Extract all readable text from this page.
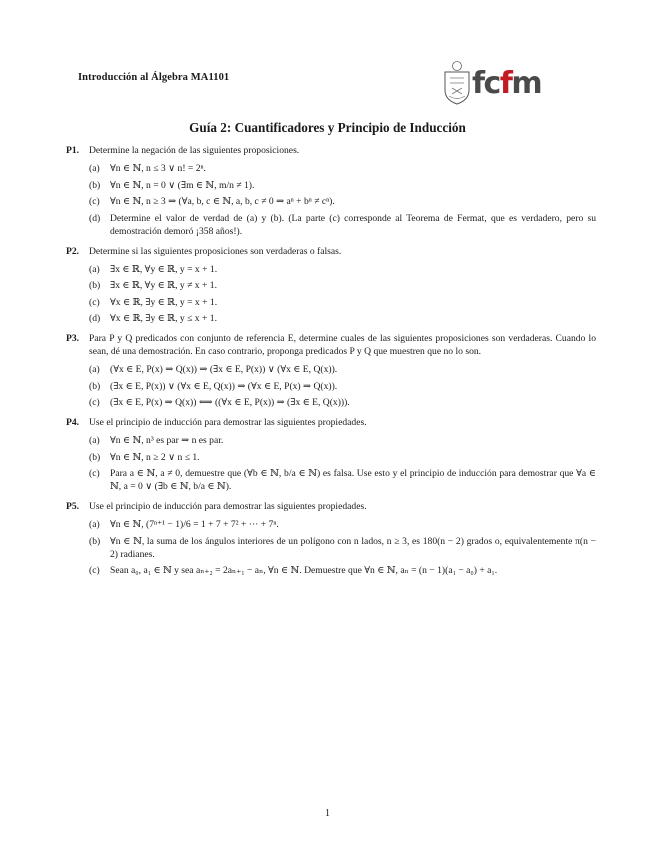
Introducción al Álgebra MA1101	fcfm
Guía 2: Cuantificadores y Principio de Inducción
P1. Determine la negación de las siguientes proposiciones.
(a) ∀n ∈ ℕ, n ≤ 3 ∨ n! = 2ⁿ.
(b) ∀n ∈ ℕ, n = 0 ∨ (∃m ∈ ℕ, m/n ≠ 1).
(c) ∀n ∈ ℕ, n ≥ 3 ⇒ (∀a, b, c ∈ ℕ, a, b, c ≠ 0 ⇒ aⁿ + bⁿ ≠ cⁿ).
(d) Determine el valor de verdad de (a) y (b). (La parte (c) corresponde al Teorema de Fermat, que es verdadero, pero su demostración demoró ¡358 años!).
P2. Determine si las siguientes proposiciones son verdaderas o falsas.
(a) ∃x ∈ ℝ, ∀y ∈ ℝ, y = x + 1.
(b) ∃x ∈ ℝ, ∀y ∈ ℝ, y ≠ x + 1.
(c) ∀x ∈ ℝ, ∃y ∈ ℝ, y = x + 1.
(d) ∀x ∈ ℝ, ∃y ∈ ℝ, y ≤ x + 1.
P3. Para P y Q predicados con conjunto de referencia E, determine cuales de las siguientes proposiciones son verdaderas. Cuando lo sean, dé una demostración. En caso contrario, proponga predicados P y Q que muestren que no lo son.
(a) (∀x ∈ E, P(x) ⇒ Q(x)) ⇒ (∃x ∈ E, P(x)) ∨ (∀x ∈ E, Q(x)).
(b) (∃x ∈ E, P(x)) ∨ (∀x ∈ E, Q(x)) ⇒ (∀x ∈ E, P(x) ⇒ Q(x)).
(c) (∃x ∈ E, P(x) ⇒ Q(x)) ⟺ ((∀x ∈ E, P(x)) ⇒ (∃x ∈ E, Q(x))).
P4. Use el principio de inducción para demostrar las siguientes propiedades.
(a) ∀n ∈ ℕ, n³ es par ⇒ n es par.
(b) ∀n ∈ ℕ, n ≥ 2 ∨ n ≤ 1.
(c) Para a ∈ ℕ, a ≠ 0, demuestre que (∀b ∈ ℕ, b/a ∈ ℕ) es falsa. Use esto y el principio de inducción para demostrar que ∀a ∈ ℕ, a = 0 ∨ (∃b ∈ ℕ, b/a ∈ ℕ).
P5. Use el principio de inducción para demostrar las siguientes propiedades.
(a) ∀n ∈ ℕ, (7ⁿ⁺¹ − 1)/6 = 1 + 7 + 7² + ··· + 7ⁿ.
(b) ∀n ∈ ℕ, la suma de los ángulos interiores de un polígono con n lados, n ≥ 3, es 180(n − 2) grados o, equivalentemente π(n − 2) radianes.
(c) Sean a₀, a₁ ∈ ℕ y sea aₙ₊₂ = 2aₙ₊₁ − aₙ, ∀n ∈ ℕ. Demuestre que ∀n ∈ ℕ, aₙ = (n − 1)(a₁ − a₀) + a₁.
1
